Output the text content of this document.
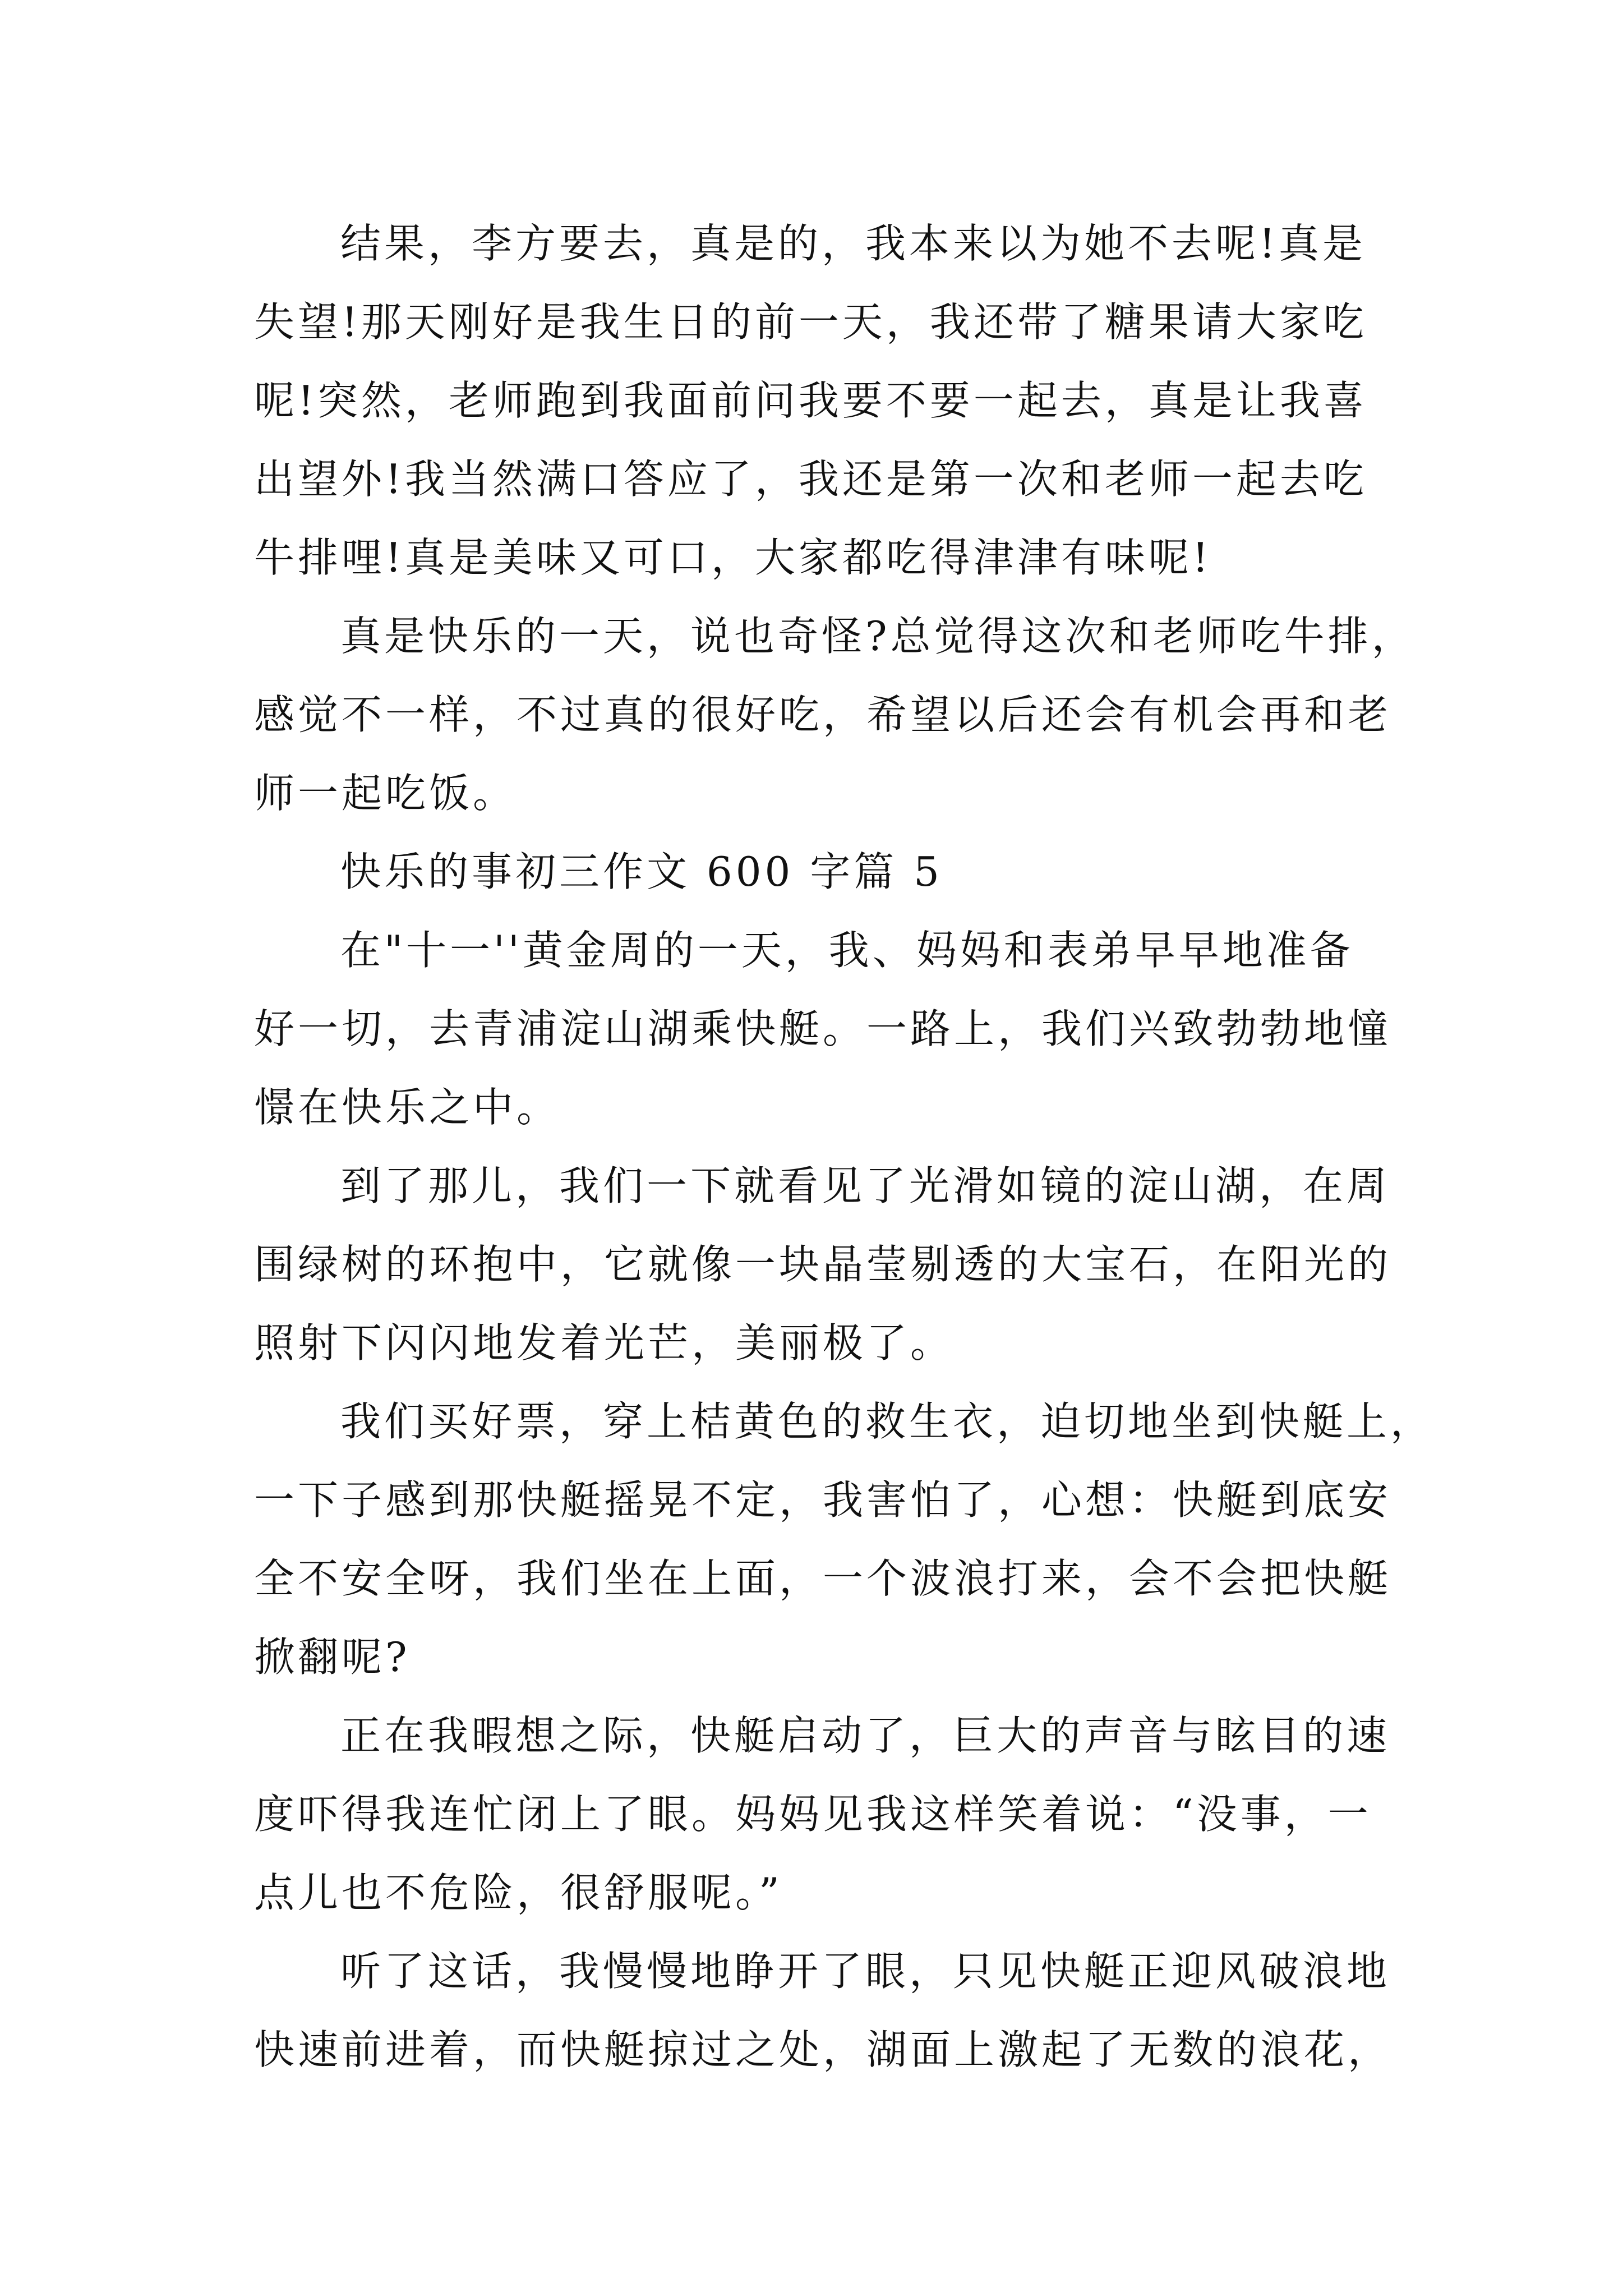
结果，李方要去，真是的，我本来以为她不去呢!真是

失望!那天刚好是我生日的前一天，我还带了糖果请大家吃

呢!突然，老师跑到我面前问我要不要一起去，真是让我喜

出望外!我当然满口答应了，我还是第一次和老师一起去吃

牛排哩!真是美味又可口，大家都吃得津津有味呢!

真是快乐的一天，说也奇怪?总觉得这次和老师吃牛排，

感觉不一样，不过真的很好吃，希望以后还会有机会再和老

师一起吃饭。

快乐的事初三作文 600 字篇 5

在"十一''黄金周的一天，我、妈妈和表弟早早地准备

好一切，去青浦淀山湖乘快艇。一路上，我们兴致勃勃地憧

憬在快乐之中。

到了那儿，我们一下就看见了光滑如镜的淀山湖，在周

围绿树的环抱中，它就像一块晶莹剔透的大宝石，在阳光的

照射下闪闪地发着光芒，美丽极了。

我们买好票，穿上桔黄色的救生衣，迫切地坐到快艇上，

一下子感到那快艇摇晃不定，我害怕了，心想：快艇到底安

全不安全呀，我们坐在上面，一个波浪打来，会不会把快艇

掀翻呢?

正在我暇想之际，快艇启动了，巨大的声音与眩目的速

度吓得我连忙闭上了眼。妈妈见我这样笑着说：“没事，一

点儿也不危险，很舒服呢。”

听了这话，我慢慢地睁开了眼，只见快艇正迎风破浪地

快速前进着，而快艇掠过之处，湖面上激起了无数的浪花，
